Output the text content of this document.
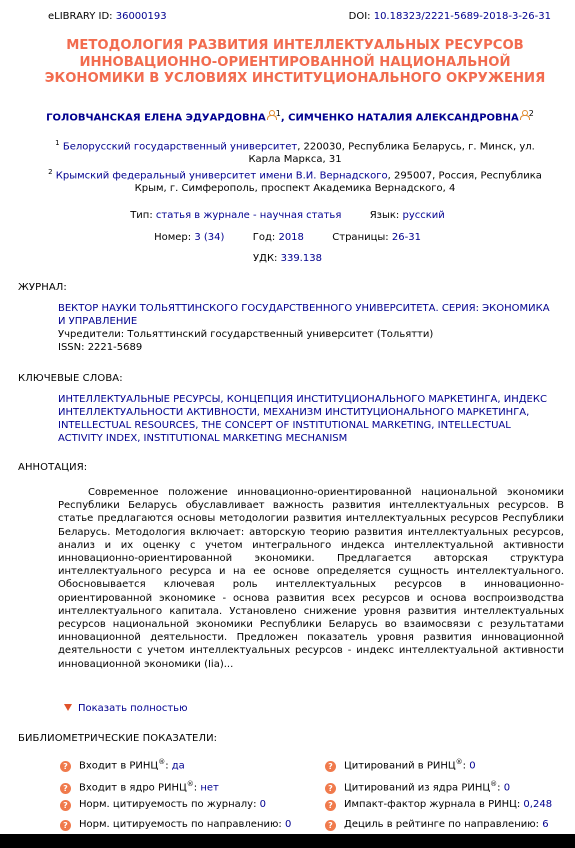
eLIBRARY ID: 36000193	DOI: 10.18323/2221-5689-2018-3-26-31
МЕТОДОЛОГИЯ РАЗВИТИЯ ИНТЕЛЛЕКТУАЛЬНЫХ РЕСУРСОВ ИННОВАЦИОННО-ОРИЕНТИРОВАННОЙ НАЦИОНАЛЬНОЙ ЭКОНОМИКИ В УСЛОВИЯХ ИНСТИТУЦИОНАЛЬНОГО ОКРУЖЕНИЯ
ГОЛОВЧАНСКАЯ ЕЛЕНА ЭДУАРДОВНА $^1$, СИМЧЕНКО НАТАЛИЯ АЛЕКСАНДРОВНА $^2$
$^1$ Белорусский государственный университет, 220030, Республика Беларусь, г. Минск, ул. Карла Маркса, 31
$^2$ Крымский федеральный университет имени В.И. Вернадского, 295007, Россия, Республика Крым, г. Симферополь, проспект Академика Вернадского, 4
Тип: статья в журнале - научная статья	Язык: русский
Номер: 3 (34)	Год: 2018	Страницы: 26-31
УДК: 339.138
ЖУРНАЛ:
ВЕКТОР НАУКИ ТОЛЬЯТТИНСКОГО ГОСУДАРСТВЕННОГО УНИВЕРСИТЕТА. СЕРИЯ: ЭКОНОМИКА И УПРАВЛЕНИЕ
Учредители: Тольяттинский государственный университет (Тольятти)
ISSN: 2221-5689
КЛЮЧЕВЫЕ СЛОВА:
ИНТЕЛЛЕКТУАЛЬНЫЕ РЕСУРСЫ, КОНЦЕПЦИЯ ИНСТИТУЦИОНАЛЬНОГО МАРКЕТИНГА, ИНДЕКС ИНТЕЛЛЕКТУАЛЬНОСТИ АКТИВНОСТИ, МЕХАНИЗМ ИНСТИТУЦИОНАЛЬНОГО МАРКЕТИНГА, INTELLECTUAL RESOURCES, THE CONCEPT OF INSTITUTIONAL MARKETING, INTELLECTUAL ACTIVITY INDEX, INSTITUTIONAL MARKETING MECHANISM
АННОТАЦИЯ:
Современное положение инновационно-ориентированной национальной экономики Республики Беларусь обуславливает важность развития интеллектуальных ресурсов. В статье предлагаются основы методологии развития интеллектуальных ресурсов Республики Беларусь. Методология включает: авторскую теорию развития интеллектуальных ресурсов, анализ и их оценку с учетом интегрального индекса интеллектуальной активности инновационно-ориентированной экономики. Предлагается авторская структура интеллектуального ресурса и на ее основе определяется сущность интеллектуального. Обосновывается ключевая роль интеллектуальных ресурсов в инновационно-ориентированной экономике - основа развития всех ресурсов и основа воспроизводства интеллектуального капитала. Установлено снижение уровня развития интеллектуальных ресурсов национальной экономики Республики Беларусь во взаимосвязи с результатами инновационной деятельности. Предложен показатель уровня развития инновационной деятельности с учетом интеллектуальных ресурсов - индекс интеллектуальной активности инновационной экономики (Iia)...
Показать полностью
БИБЛИОМЕТРИЧЕСКИЕ ПОКАЗАТЕЛИ:
? Входит в РИНЦ®: да	? Цитирований в РИНЦ®: 0
? Входит в ядро РИНЦ®: нет	? Цитирований из ядра РИНЦ®: 0
? Норм. цитируемость по журналу: 0	? Импакт-фактор журнала в РИНЦ: 0,248
? Норм. цитируемость по направлению: 0	? Дециль в рейтинге по направлению: 6
